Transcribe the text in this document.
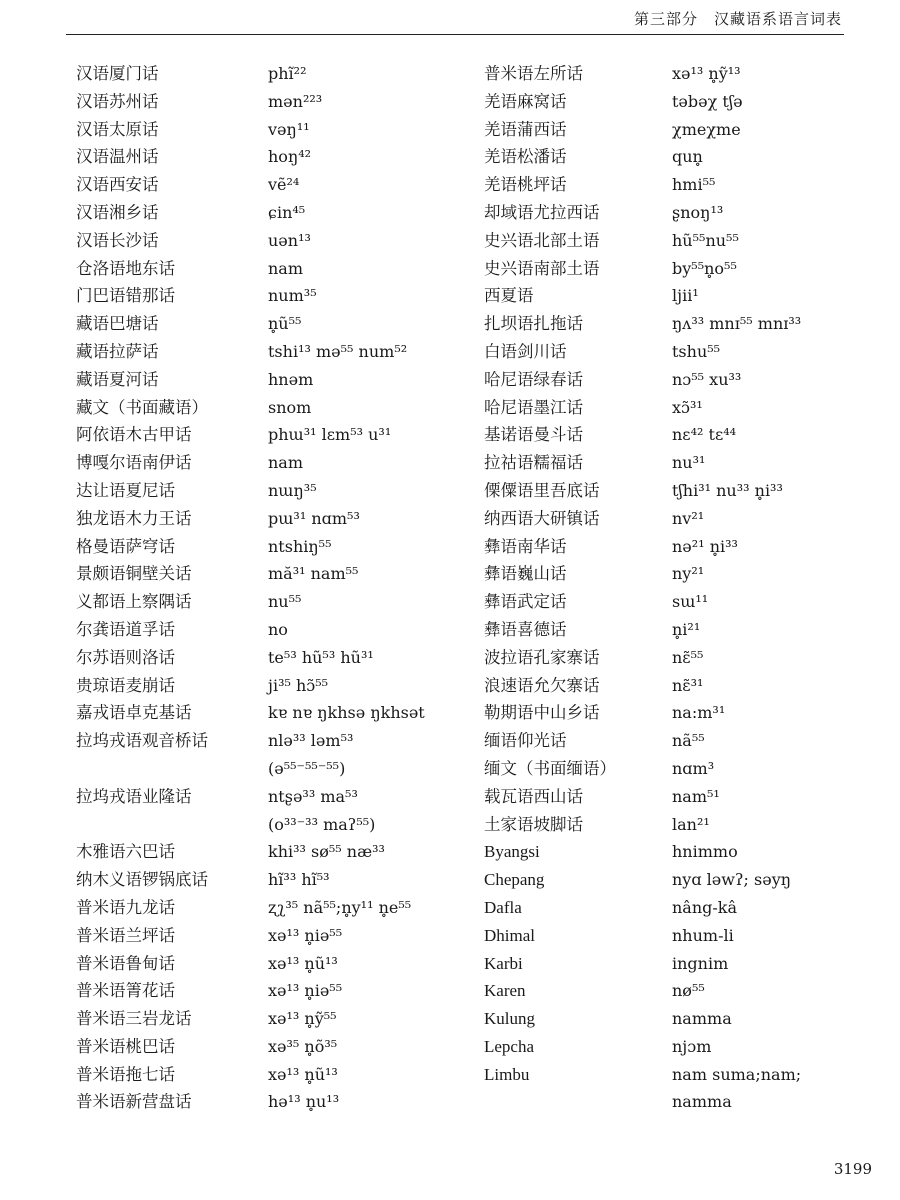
第三部分　汉藏语系语言词表
汉语厦门话	phĩ²²
汉语苏州话	mən²²³
汉语太原话	vəŋ¹¹
汉语温州话	hoŋ⁴²
汉语西安话	vẽ²⁴
汉语湘乡话	ɕin⁴⁵
汉语长沙话	uən¹³
仓洛语地东话	nam
门巴语错那话	num³⁵
藏语巴塘话	n̥ũ⁵⁵
藏语拉萨话	tshi¹³ mə⁵⁵ num⁵²
藏语夏河话	hnəm
藏文（书面藏语）	snom
阿依语木古甲话	phɯ³¹ lɛm⁵³ u³¹
博嘎尔语南伊话	nam
达让语夏尼话	nɯŋ³⁵
独龙语木力王话	pɯ³¹ nɑm⁵³
格曼语萨穹话	ntshiŋ⁵⁵
景颇语铜壁关话	mă³¹ nam⁵⁵
义都语上察隅话	nu⁵⁵
尔龚语道孚话	no
尔苏语则洛话	te⁵³ hũ⁵³ hũ³¹
贵琼语麦崩话	ji³⁵ hɔ̃⁵⁵
嘉戎语卓克基话	kɐ nɐ ŋkhsə ŋkhsət
拉坞戎语观音桥话	nlə³³ ləm⁵³
(ə⁵⁵⁻⁵⁵⁻⁵⁵)
拉坞戎语业隆话	ntʂə³³ ma⁵³
(o³³⁻³³ maʔ⁵⁵)
木雅语六巴话	khi³³ sø⁵⁵ næ³³
纳木义语锣锅底话	hĩ³³ hĩ⁵³
普米语九龙话	ʐʅ³⁵ nã⁵⁵;n̥y¹¹ n̥e⁵⁵
普米语兰坪话	xə¹³ n̥iə⁵⁵
普米语鲁甸话	xə¹³ n̥ũ¹³
普米语箐花话	xə¹³ n̥iə⁵⁵
普米语三岩龙话	xə¹³ n̥ỹ⁵⁵
普米语桃巴话	xə³⁵ n̥õ³⁵
普米语拖七话	xə¹³ n̥ũ¹³
普米语新营盘话	hə¹³ n̥u¹³
普米语左所话	xə¹³ n̥ỹ¹³
羌语麻窝话	təbəχ tʃə
羌语蒲西话	χmeχme
羌语松潘话	qun̥
羌语桃坪话	hmi⁵⁵
却域语尤拉西话	ʂnoŋ¹³
史兴语北部土语	hũ⁵⁵nu⁵⁵
史兴语南部土语	by⁵⁵n̥o⁵⁵
西夏语	ljii¹
扎坝语扎拖话	ŋʌ³³ mnɪ⁵⁵ mnɪ³³
白语剑川话	tshu⁵⁵
哈尼语绿春话	nɔ⁵⁵ xu³³
哈尼语墨江话	xɔ̃³¹
基诺语曼斗话	nɛ⁴² tɛ⁴⁴
拉祜语糯福话	nu³¹
傈僳语里吾底话	tʃhi³¹ nu³³ n̥i³³
纳西语大研镇话	nv²¹
彝语南华话	nə²¹ n̥i³³
彝语巍山话	ny²¹
彝语武定话	sɯ¹¹
彝语喜德话	n̥i²¹
波拉语孔家寨话	nɛ̃⁵⁵
浪速语允欠寨话	nɛ̃³¹
勒期语中山乡话	na:m³¹
缅语仰光话	nã⁵⁵
缅文（书面缅语）	nɑm³
载瓦语西山话	nam⁵¹
土家语坡脚话	lan²¹
Byangsi	hnimmo
Chepang	nyɑ ləwʔ; səyŋ
Dafla	nâng-kâ
Dhimal	nhum-li
Karbi	ingnim
Karen	nø⁵⁵
Kulung	namma
Lepcha	njɔm
Limbu	nam suma;nam;
namma
3199
